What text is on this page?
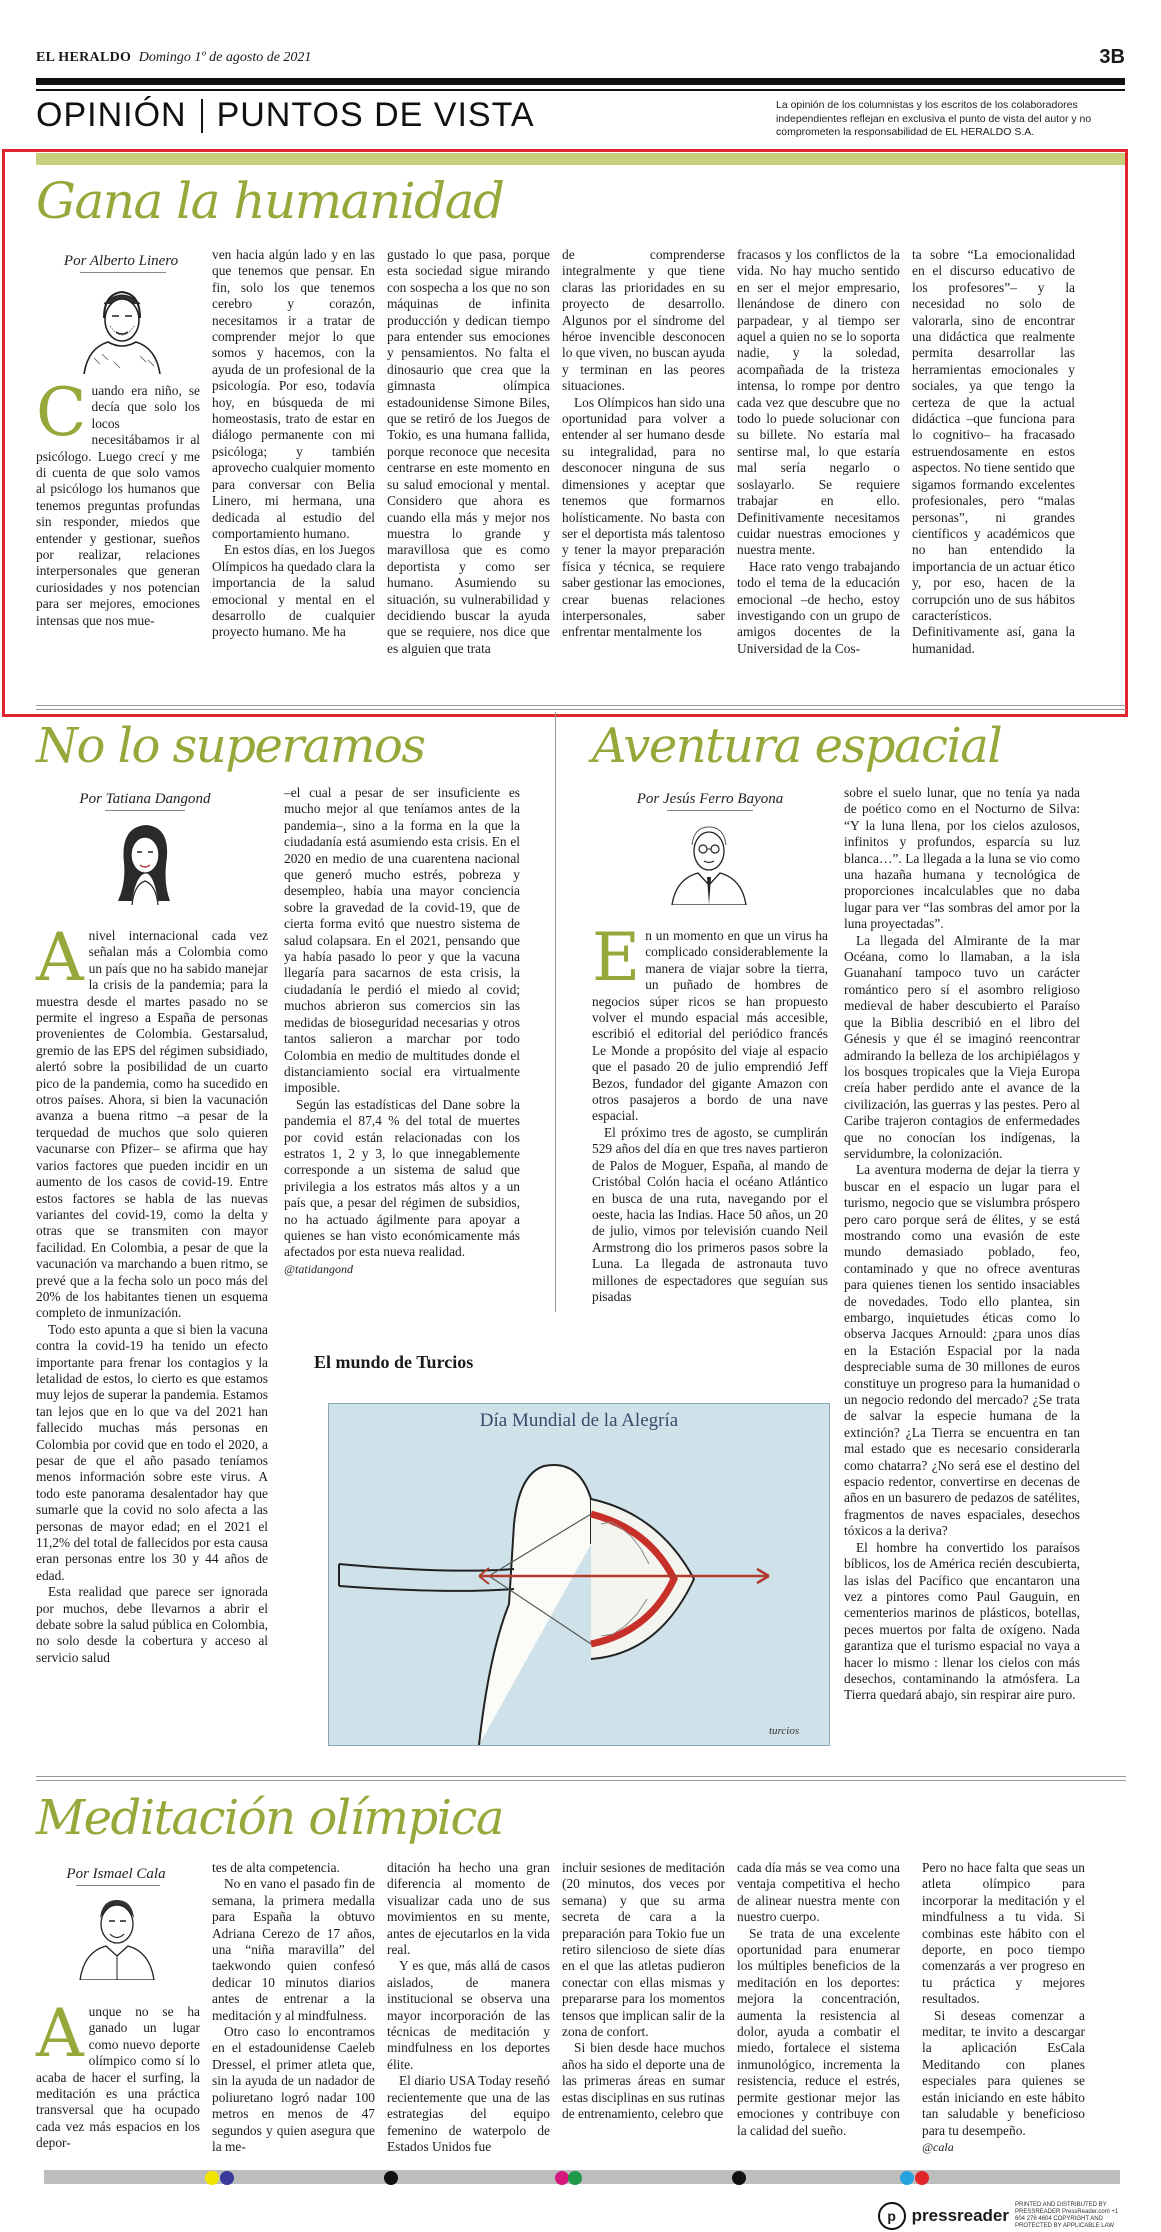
EL HERALDO Domingo 1º de agosto de 2021	3B
OPINIÓN PUNTOS DE VISTA	La opinión de los columnistas y los escritos de los colaboradores independientes reflejan en exclusiva el punto de vista del autor y no comprometen la responsabilidad de EL HERALDO S.A.
Gana la humanidad
Por Alberto Linero
C uando era niño, se decía que solo los locos necesitábamos ir al psicólogo. Luego crecí y me di cuenta de que solo vamos al psicólogo los humanos que tenemos preguntas profundas sin responder, miedos que entender y gestionar, sueños por realizar, relaciones interpersonales que generan curiosidades y nos potencian para ser mejores, emociones intensas que nos mue-

ven hacia algún lado y en las que tenemos que pensar. En fin, solo los que tenemos cerebro y corazón, necesitamos ir a tratar de comprender mejor lo que somos y hacemos, con la ayuda de un profesional de la psicología. Por eso, todavía hoy, en búsqueda de mi homeostasis, trato de estar en diálogo permanente con mi psicóloga; y también aprovecho cualquier momento para conversar con Belia Linero, mi hermana, una dedicada al estudio del comportamiento humano.

En estos días, en los Juegos Olímpicos ha quedado clara la importancia de la salud emocional y mental en el desarrollo de cualquier proyecto humano. Me ha

gustado lo que pasa, porque esta sociedad sigue mirando con sospecha a los que no son máquinas de infinita producción y dedican tiempo para entender sus emociones y pensamientos. No falta el dinosaurio que crea que la gimnasta olímpica estadounidense Simone Biles, que se retiró de los Juegos de Tokio, es una humana fallida, porque reconoce que necesita centrarse en este momento en su salud emocional y mental. Considero que ahora es cuando ella más y mejor nos muestra lo grande y maravillosa que es como deportista y como ser humano. Asumiendo su situación, su vulnerabilidad y decidiendo buscar la ayuda que se requiere, nos dice que es alguien que trata

de comprenderse integralmente y que tiene claras las prioridades en su proyecto de desarrollo. Algunos por el síndrome del héroe invencible desconocen lo que viven, no buscan ayuda y terminan en las peores situaciones.

Los Olímpicos han sido una oportunidad para volver a entender al ser humano desde su integralidad, para no desconocer ninguna de sus dimensiones y aceptar que tenemos que formarnos holísticamente. No basta con ser el deportista más talentoso y tener la mayor preparación física y técnica, se requiere saber gestionar las emociones, crear buenas relaciones interpersonales, saber enfrentar mentalmente los

fracasos y los conflictos de la vida. No hay mucho sentido en ser el mejor empresario, llenándose de dinero con parpadear, y al tiempo ser aquel a quien no se lo soporta nadie, y la soledad, acompañada de la tristeza intensa, lo rompe por dentro cada vez que descubre que no todo lo puede solucionar con su billete. No estaría mal sentirse mal, lo que estaría mal sería negarlo o soslayarlo. Se requiere trabajar en ello. Definitivamente necesitamos cuidar nuestras emociones y nuestra mente.

Hace rato vengo trabajando todo el tema de la educación emocional –de hecho, estoy investigando con un grupo de amigos docentes de la Universidad de la Cos-

ta sobre “La emocionalidad en el discurso educativo de los profesores”– y la necesidad no solo de valorarla, sino de encontrar una didáctica que realmente permita desarrollar las herramientas emocionales y sociales, ya que tengo la certeza de que la actual didáctica –que funciona para lo cognitivo– ha fracasado estruendosamente en estos aspectos. No tiene sentido que sigamos formando excelentes profesionales, pero “malas personas”, ni grandes científicos y académicos que no han entendido la importancia de un actuar ético y, por eso, hacen de la corrupción uno de sus hábitos característicos. Definitivamente así, gana la humanidad.

No lo superamos
Por Tatiana Dangond
A nivel internacional cada vez señalan más a Colombia como un país que no ha sabido manejar la crisis de la pandemia; para la muestra desde el martes pasado no se permite el ingreso a España de personas provenientes de Colombia. Gestarsalud, gremio de las EPS del régimen subsidiado, alertó sobre la posibilidad de un cuarto pico de la pandemia, como ha sucedido en otros países. Ahora, si bien la vacunación avanza a buena ritmo –a pesar de la terquedad de muchos que solo quieren vacunarse con Pfizer– se afirma que hay varios factores que pueden incidir en un aumento de los casos de covid-19. Entre estos factores se habla de las nuevas variantes del covid-19, como la delta y otras que se transmiten con mayor facilidad. En Colombia, a pesar de que la vacunación va marchando a buen ritmo, se prevé que a la fecha solo un poco más del 20% de los habitantes tienen un esquema completo de inmunización.

Todo esto apunta a que si bien la vacuna contra la covid-19 ha tenido un efecto importante para frenar los contagios y la letalidad de estos, lo cierto es que estamos muy lejos de superar la pandemia. Estamos tan lejos que en lo que va del 2021 han fallecido muchas más personas en Colombia por covid que en todo el 2020, a pesar de que el año pasado teníamos menos información sobre este virus. A todo este panorama desalentador hay que sumarle que la covid no solo afecta a las personas de mayor edad; en el 2021 el 11,2% del total de fallecidos por esta causa eran personas entre los 30 y 44 años de edad.

Esta realidad que parece ser ignorada por muchos, debe llevarnos a abrir el debate sobre la salud pública en Colombia, no solo desde la cobertura y acceso al servicio salud

–el cual a pesar de ser insuficiente es mucho mejor al que teníamos antes de la pandemia–, sino a la forma en la que la ciudadanía está asumiendo esta crisis. En el 2020 en medio de una cuarentena nacional que generó mucho estrés, pobreza y desempleo, había una mayor conciencia sobre la gravedad de la covid-19, que de cierta forma evitó que nuestro sistema de salud colapsara. En el 2021, pensando que ya había pasado lo peor y que la vacuna llegaría para sacarnos de esta crisis, la ciudadanía le perdió el miedo al covid; muchos abrieron sus comercios sin las medidas de bioseguridad necesarias y otros tantos salieron a marchar por todo Colombia en medio de multitudes donde el distanciamiento social era virtualmente imposible.

Según las estadísticas del Dane sobre la pandemia el 87,4 % del total de muertes por covid están relacionadas con los estratos 1, 2 y 3, lo que innegablemente corresponde a un sistema de salud que privilegia a los estratos más altos y a un país que, a pesar del régimen de subsidios, no ha actuado ágilmente para apoyar a quienes se han visto económicamente más afectados por esta nueva realidad.

@tatidangond

Aventura espacial
Por Jesús Ferro Bayona
E n un momento en que un virus ha complicado considerablemente la manera de viajar sobre la tierra, un puñado de hombres de negocios súper ricos se han propuesto volver el mundo espacial más accesible, escribió el editorial del periódico francés Le Monde a propósito del viaje al espacio que el pasado 20 de julio emprendió Jeff Bezos, fundador del gigante Amazon con otros pasajeros a bordo de una nave espacial.

El próximo tres de agosto, se cumplirán 529 años del día en que tres naves partieron de Palos de Moguer, España, al mando de Cristóbal Colón hacia el océano Atlántico en busca de una ruta, navegando por el oeste, hacia las Indias. Hace 50 años, un 20 de julio, vimos por televisión cuando Neil Armstrong dio los primeros pasos sobre la Luna. La llegada de astronauta tuvo millones de espectadores que seguían sus pisadas

sobre el suelo lunar, que no tenía ya nada de poético como en el Nocturno de Silva: “Y la luna llena, por los cielos azulosos, infinitos y profundos, esparcía su luz blanca…”. La llegada a la luna se vio como una hazaña humana y tecnológica de proporciones incalculables que no daba lugar para ver “las sombras del amor por la luna proyectadas”.

La llegada del Almirante de la mar Océana, como lo llamaban, a la isla Guanahaní tampoco tuvo un carácter romántico pero sí el asombro religioso medieval de haber descubierto el Paraíso que la Biblia describió en el libro del Génesis y que él se imaginó reencontrar admirando la belleza de los archipiélagos y los bosques tropicales que la Vieja Europa creía haber perdido ante el avance de la civilización, las guerras y las pestes. Pero al Caribe trajeron contagios de enfermedades que no conocían los indígenas, la servidumbre, la colonización.

La aventura moderna de dejar la tierra y buscar en el espacio un lugar para el turismo, negocio que se vislumbra próspero pero caro porque será de élites, y se está mostrando como una evasión de este mundo demasiado poblado, feo, contaminado y que no ofrece aventuras para quienes tienen los sentido insaciables de novedades. Todo ello plantea, sin embargo, inquietudes éticas como lo observa Jacques Arnould: ¿para unos días en la Estación Espacial por la nada despreciable suma de 30 millones de euros constituye un progreso para la humanidad o un negocio redondo del mercado? ¿Se trata de salvar la especie humana de la extinción? ¿La Tierra se encuentra en tan mal estado que es necesario considerarla como chatarra? ¿No será ese el destino del espacio redentor, convertirse en decenas de años en un basurero de pedazos de satélites, fragmentos de naves espaciales, desechos tóxicos a la deriva?

El hombre ha convertido los paraísos bíblicos, los de América recién descubierta, las islas del Pacífico que encantaron una vez a pintores como Paul Gauguin, en cementerios marinos de plásticos, botellas, peces muertos por falta de oxígeno. Nada garantiza que el turismo espacial no vaya a hacer lo mismo : llenar los cielos con más desechos, contaminando la atmósfera. La Tierra quedará abajo, sin respirar aire puro.

El mundo de Turcios
Día Mundial de la Alegría
turcios
Meditación olímpica
Por Ismael Cala
A unque no se ha ganado un lugar como nuevo deporte olímpico como sí lo acaba de hacer el surfing, la meditación es una práctica transversal que ha ocupado cada vez más espacios en los depor-

tes de alta competencia.

No en vano el pasado fin de semana, la primera medalla para España la obtuvo Adriana Cerezo de 17 años, una “niña maravilla” del taekwondo quien confesó dedicar 10 minutos diarios antes de entrenar a la meditación y al mindfulness.

Otro caso lo encontramos en el estadounidense Caeleb Dressel, el primer atleta que, sin la ayuda de un nadador de poliuretano logró nadar 100 metros en menos de 47 segundos y quien asegura que la me-

ditación ha hecho una gran diferencia al momento de visualizar cada uno de sus movimientos en su mente, antes de ejecutarlos en la vida real.

Y es que, más allá de casos aislados, de manera institucional se observa una mayor incorporación de las técnicas de meditación y mindfulness en los deportes élite.

El diario USA Today reseñó recientemente que una de las estrategias del equipo femenino de waterpolo de Estados Unidos fue

incluir sesiones de meditación (20 minutos, dos veces por semana) y que su arma secreta de cara a la preparación para Tokio fue un retiro silencioso de siete días en el que las atletas pudieron conectar con ellas mismas y prepararse para los momentos tensos que implican salir de la zona de confort.

Si bien desde hace muchos años ha sido el deporte una de las primeras áreas en sumar estas disciplinas en sus rutinas de entrenamiento, celebro que

cada día más se vea como una ventaja competitiva el hecho de alinear nuestra mente con nuestro cuerpo.

Se trata de una excelente oportunidad para enumerar los múltiples beneficios de la meditación en los deportes: mejora la concentración, aumenta la resistencia al dolor, ayuda a combatir el miedo, fortalece el sistema inmunológico, incrementa la resistencia, reduce el estrés, permite gestionar mejor las emociones y contribuye con la calidad del sueño.

Pero no hace falta que seas un atleta olímpico para incorporar la meditación y el mindfulness a tu vida. Si combinas este hábito con el deporte, en poco tiempo comenzarás a ver progreso en tu práctica y mejores resultados.

Si deseas comenzar a meditar, te invito a descargar la aplicación EsCala Meditando con planes especiales para quienes se están iniciando en este hábito tan saludable y beneficioso para tu desempeño.

@cala

p pressreader
PRINTED AND DISTRIBUTED BY PRESSREADER PressReader.com +1 604 278 4604 COPYRIGHT AND PROTECTED BY APPLICABLE LAW
